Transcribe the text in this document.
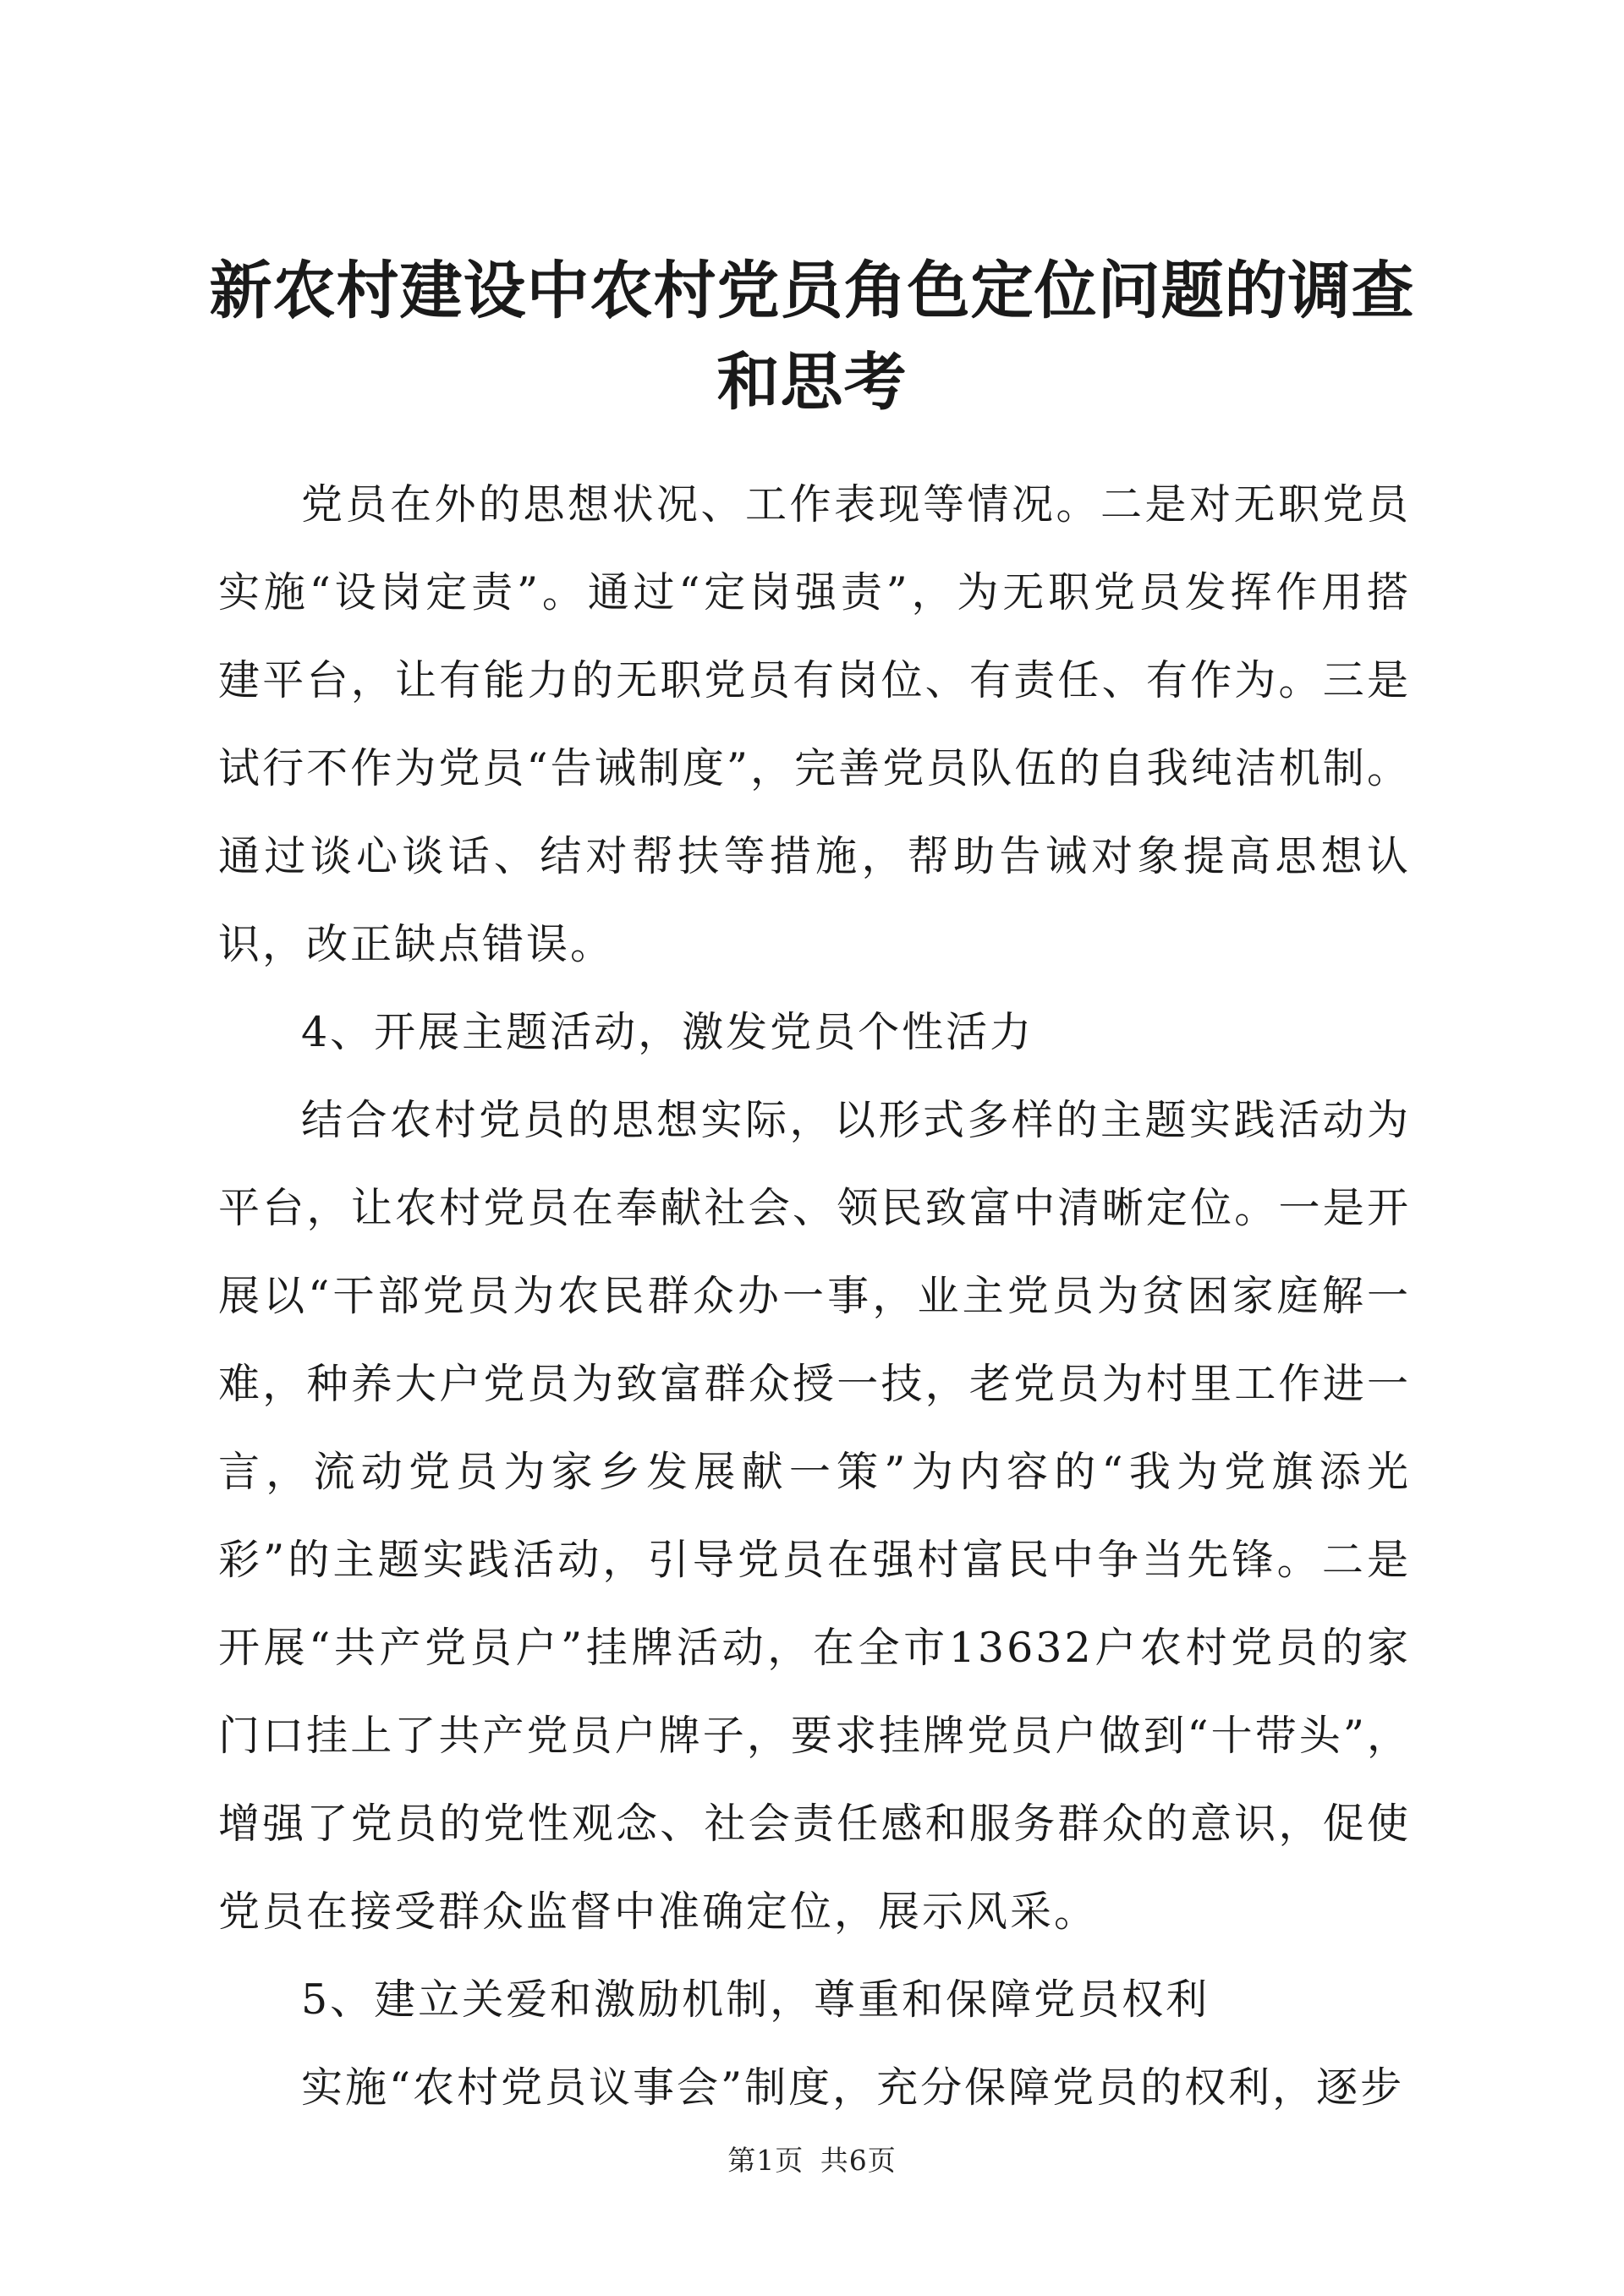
新农村建设中农村党员角色定位问题的调查和思考

党员在外的思想状况、工作表现等情况。二是对无职党员实施“设岗定责”。通过“定岗强责”，为无职党员发挥作用搭建平台，让有能力的无职党员有岗位、有责任、有作为。三是试行不作为党员“告诫制度”，完善党员队伍的自我纯洁机制。通过谈心谈话、结对帮扶等措施，帮助告诫对象提高思想认识，改正缺点错误。

4、开展主题活动，激发党员个性活力

结合农村党员的思想实际，以形式多样的主题实践活动为平台，让农村党员在奉献社会、领民致富中清晰定位。一是开展以“干部党员为农民群众办一事，业主党员为贫困家庭解一难，种养大户党员为致富群众授一技，老党员为村里工作进一言，流动党员为家乡发展献一策”为内容的“我为党旗添光彩”的主题实践活动，引导党员在强村富民中争当先锋。二是开展“共产党员户”挂牌活动，在全市13632户农村党员的家门口挂上了共产党员户牌子，要求挂牌党员户做到“十带头”，增强了党员的党性观念、社会责任感和服务群众的意识，促使党员在接受群众监督中准确定位，展示风采。

5、建立关爱和激励机制，尊重和保障党员权利

实施“农村党员议事会”制度，充分保障党员的权利，逐步

第1页 共6页
